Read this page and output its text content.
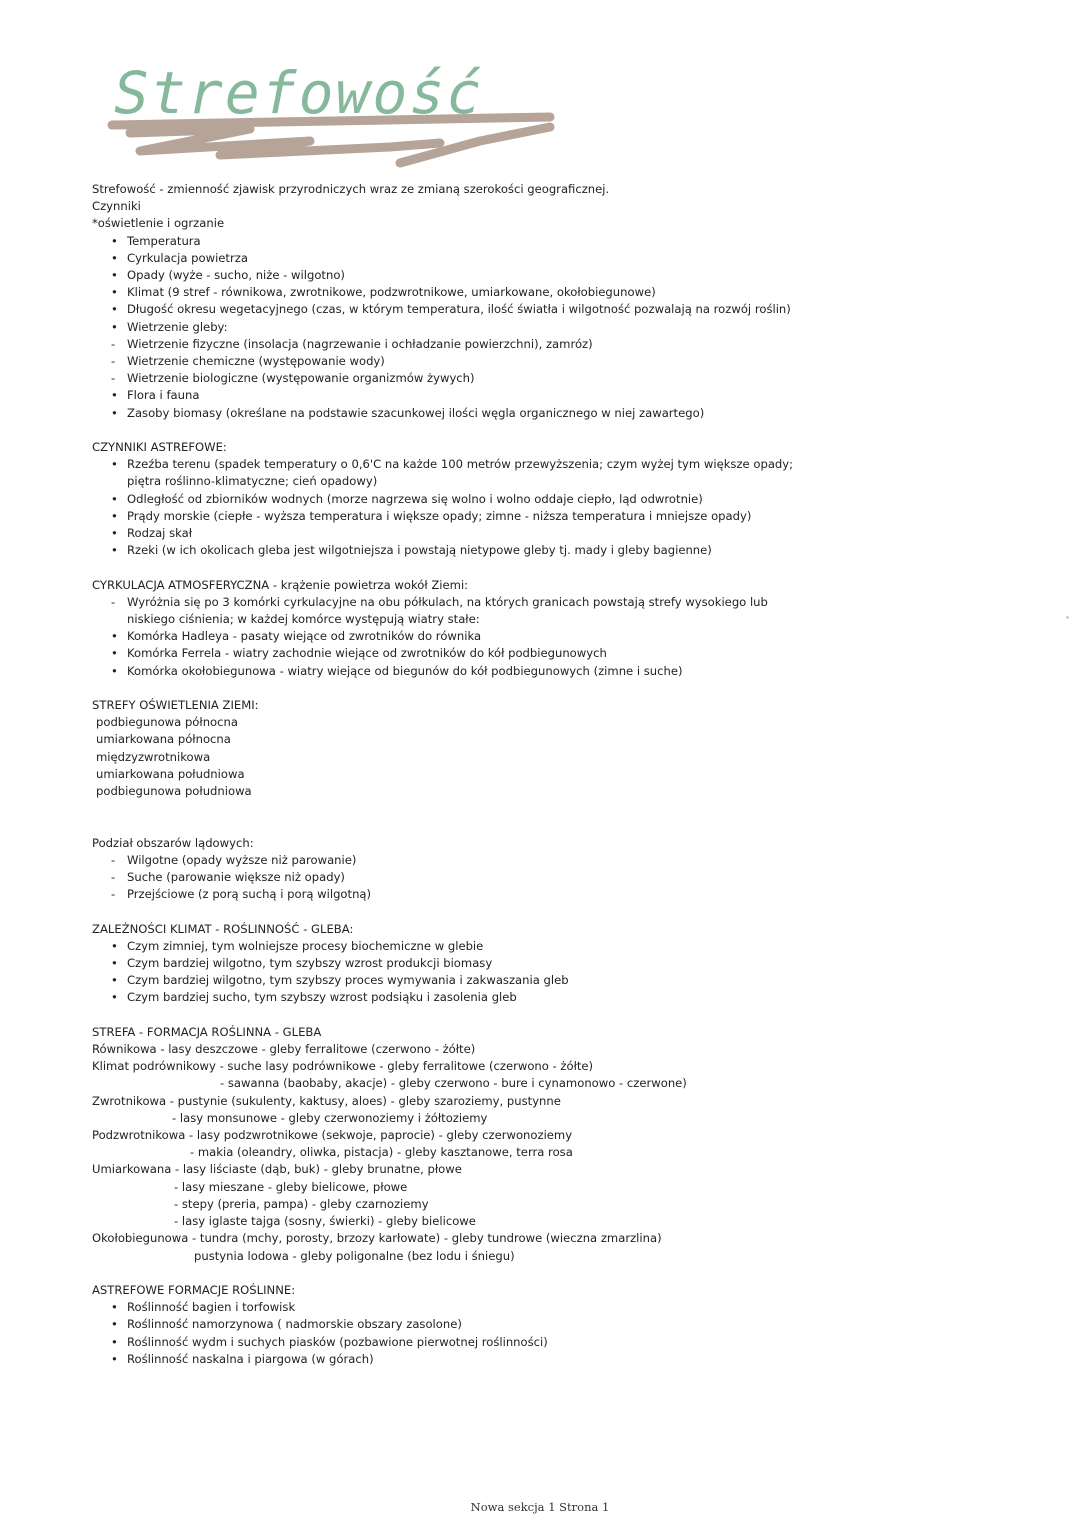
Strefowość

Strefowość - zmienność zjawisk przyrodniczych wraz ze zmianą szerokości geograficznej.

Czynniki

*oświetlenie i ogrzanie

• Temperatura
• Cyrkulacja powietrza
• Opady (wyże - sucho, niże - wilgotno)
• Klimat (9 stref - równikowa, zwrotnikowe, podzwrotnikowe, umiarkowane, okołobiegunowe)
• Długość okresu wegetacyjnego (czas, w którym temperatura, ilość światła i wilgotność pozwalają na rozwój roślin)
• Wietrzenie gleby:
- Wietrzenie fizyczne (insolacja (nagrzewanie i ochładzanie powierzchni), zamróz)
- Wietrzenie chemiczne (występowanie wody)
- Wietrzenie biologiczne (występowanie organizmów żywych)
• Flora i fauna
• Zasoby biomasy (określane na podstawie szacunkowej ilości węgla organicznego w niej zawartego)

CZYNNIKI ASTREFOWE:

• Rzeźba terenu (spadek temperatury o 0,6'C na każde 100 metrów przewyższenia; czym wyżej tym większe opady; piętra roślinno-klimatyczne; cień opadowy)
• Odległość od zbiorników wodnych (morze nagrzewa się wolno i wolno oddaje ciepło, ląd odwrotnie)
• Prądy morskie (ciepłe - wyższa temperatura i większe opady; zimne - niższa temperatura i mniejsze opady)
• Rodzaj skał
• Rzeki (w ich okolicach gleba jest wilgotniejsza i powstają nietypowe gleby tj. mady i gleby bagienne)

CYRKULACJA ATMOSFERYCZNA - krążenie powietrza wokół Ziemi:

- Wyróżnia się po 3 komórki cyrkulacyjne na obu półkulach, na których granicach powstają strefy wysokiego lub niskiego ciśnienia; w każdej komórce występują wiatry stałe:
• Komórka Hadleya - pasaty wiejące od zwrotników do równika
• Komórka Ferrela - wiatry zachodnie wiejące od zwrotników do kół podbiegunowych
• Komórka okołobiegunowa - wiatry wiejące od biegunów do kół podbiegunowych (zimne i suche)

STREFY OŚWIETLENIA ZIEMI:

podbiegunowa północna

umiarkowana północna

międzyzwrotnikowa

umiarkowana południowa

podbiegunowa południowa

Podział obszarów lądowych:

- Wilgotne (opady wyższe niż parowanie)
- Suche (parowanie większe niż opady)
- Przejściowe (z porą suchą i porą wilgotną)

ZALEŻNOŚCI KLIMAT - ROŚLINNOŚĆ - GLEBA:

• Czym zimniej, tym wolniejsze procesy biochemiczne w glebie
• Czym bardziej wilgotno, tym szybszy wzrost produkcji biomasy
• Czym bardziej wilgotno, tym szybszy proces wymywania i zakwaszania gleb
• Czym bardziej sucho, tym szybszy wzrost podsiąku i zasolenia gleb

STREFA - FORMACJA ROŚLINNA - GLEBA

Równikowa - lasy deszczowe - gleby ferralitowe (czerwono - żółte)

Klimat podrównikowy - suche lasy podrównikowe - gleby ferralitowe (czerwono - żółte)

- sawanna (baobaby, akacje) - gleby czerwono - bure i cynamonowo - czerwone)

Zwrotnikowa - pustynie (sukulenty, kaktusy, aloes) - gleby szaroziemy, pustynne

- lasy monsunowe - gleby czerwonoziemy i żółtoziemy

Podzwrotnikowa - lasy podzwrotnikowe (sekwoje, paprocie) - gleby czerwonoziemy

- makia (oleandry, oliwka, pistacja) - gleby kasztanowe, terra rosa

Umiarkowana - lasy liściaste (dąb, buk) - gleby brunatne, płowe

- lasy mieszane - gleby bielicowe, płowe

- stepy (preria, pampa) - gleby czarnoziemy

- lasy iglaste tajga (sosny, świerki) - gleby bielicowe

Okołobiegunowa - tundra (mchy, porosty, brzozy karłowate) - gleby tundrowe (wieczna zmarzlina)

pustynia lodowa - gleby poligonalne (bez lodu i śniegu)

ASTREFOWE FORMACJE ROŚLINNE:

• Roślinność bagien i torfowisk
• Roślinność namorzynowa ( nadmorskie obszary zasolone)
• Roślinność wydm i suchych piasków (pozbawione pierwotnej roślinności)
• Roślinność naskalna i piargowa (w górach)
Nowa sekcja 1 Strona 1
